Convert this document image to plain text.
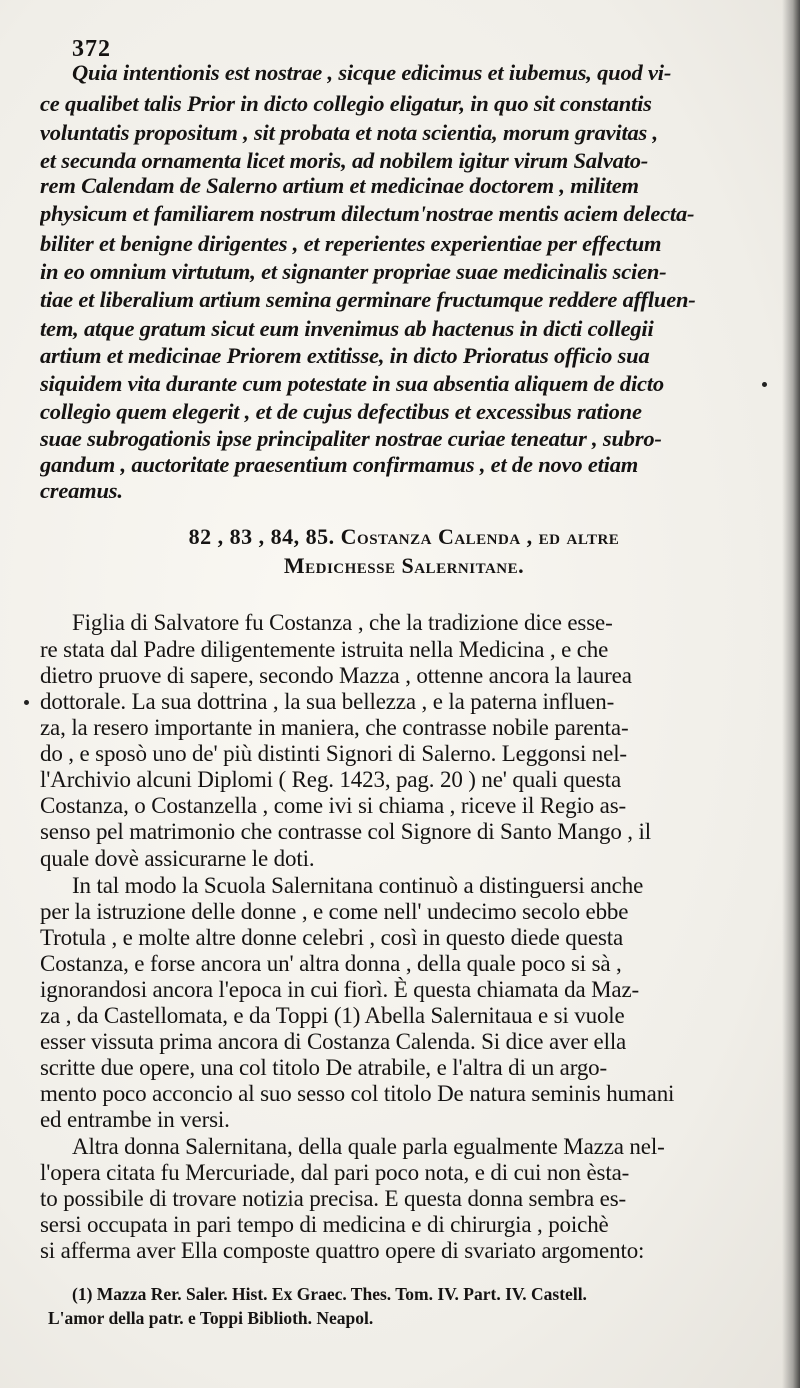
372
Quia intentionis est nostrae , sicque edicimus et iubemus, quod vi-
ce qualibet talis Prior in dicto collegio eligatur, in quo sit constantis
voluntatis propositum , sit probata et nota scientia, morum gravitas ,
et secunda ornamenta licet moris, ad nobilem igitur virum Salvato-
rem Calendam de Salerno artium et medicinae doctorem , militem
physicum et familiarem nostrum dilectum'nostrae mentis aciem delecta-
biliter et benigne dirigentes , et reperientes experientiae per effectum
in eo omnium virtutum, et signanter propriae suae medicinalis scien-
tiae et liberalium artium semina germinare fructumque reddere affluen-
tem, atque gratum sicut eum invenimus ab hactenus in dicti collegii
artium et medicinae Priorem extitisse, in dicto Prioratus officio sua
siquidem vita durante cum potestate in sua absentia aliquem de dicto
collegio quem elegerit , et de cujus defectibus et excessibus ratione
suae subrogationis ipse principaliter nostrae curiae teneatur , subro-
gandum , auctoritate praesentium confirmamus , et de novo etiam
creamus.
82 , 83 , 84, 85. Costanza Calenda , ed altre
Medichesse Salernitane.
Figlia di Salvatore fu Costanza , che la tradizione dice esse-
re stata dal Padre diligentemente istruita nella Medicina , e che
dietro pruove di sapere, secondo Mazza , ottenne ancora la laurea
dottorale. La sua dottrina , la sua bellezza , e la paterna influen-
za, la resero importante in maniera, che contrasse nobile parenta-
do , e sposò uno de' più distinti Signori di Salerno. Leggonsi nel-
l'Archivio alcuni Diplomi ( Reg. 1423, pag. 20 ) ne' quali questa
Costanza, o Costanzella , come ivi si chiama , riceve il Regio as-
senso pel matrimonio che contrasse col Signore di Santo Mango , il
quale dovè assicurarne le doti.
In tal modo la Scuola Salernitana continuò a distinguersi anche
per la istruzione delle donne , e come nell' undecimo secolo ebbe
Trotula , e molte altre donne celebri , così in questo diede questa
Costanza, e forse ancora un' altra donna , della quale poco si sà ,
ignorandosi ancora l'epoca in cui fiorì. È questa chiamata da Maz-
za , da Castellomata, e da Toppi (1) Abella Salernitaua e si vuole
esser vissuta prima ancora di Costanza Calenda. Si dice aver ella
scritte due opere, una col titolo De atrabile, e l'altra di un argo-
mento poco acconcio al suo sesso col titolo De natura seminis humani
ed entrambe in versi.
Altra donna Salernitana, della quale parla egualmente Mazza nel-
l'opera citata fu Mercuriade, dal pari poco nota, e di cui non èsta-
to possibile di trovare notizia precisa. E questa donna sembra es-
sersi occupata in pari tempo di medicina e di chirurgia , poichè
si afferma aver Ella composte quattro opere di svariato argomento:
(1) Mazza Rer. Saler. Hist. Ex Graec. Thes. Tom. IV. Part. IV. Castell.
L'amor della patr. e Toppi Biblioth. Neapol.
